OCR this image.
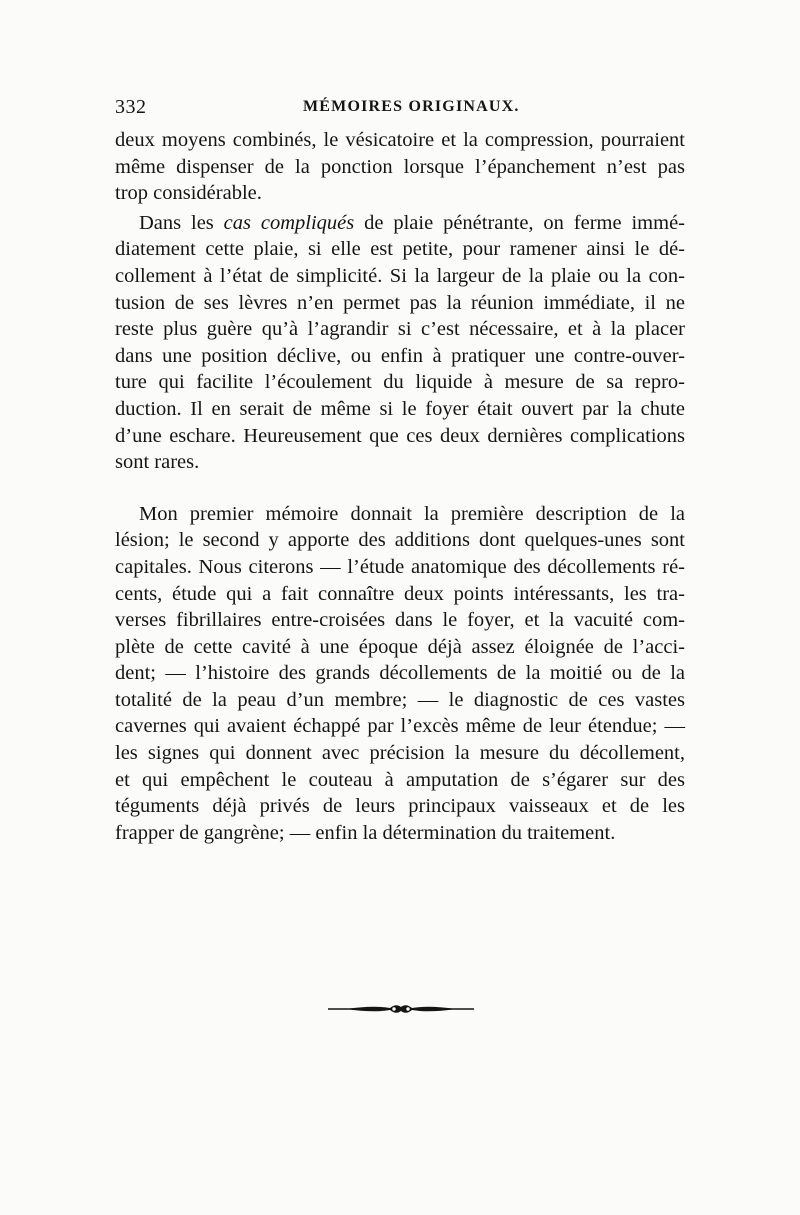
332	MÉMOIRES ORIGINAUX.

deux moyens combinés, le vésicatoire et la compression, pourraient
même dispenser de la ponction lorsque l’épanchement n’est pas
trop considérable.

Dans les cas compliqués de plaie pénétrante, on ferme immé-
diatement cette plaie, si elle est petite, pour ramener ainsi le dé-
collement à l’état de simplicité. Si la largeur de la plaie ou la con-
tusion de ses lèvres n’en permet pas la réunion immédiate, il ne
reste plus guère qu’à l’agrandir si c’est nécessaire, et à la placer
dans une position déclive, ou enfin à pratiquer une contre-ouver-
ture qui facilite l’écoulement du liquide à mesure de sa repro-
duction. Il en serait de même si le foyer était ouvert par la chute
d’une eschare. Heureusement que ces deux dernières complications
sont rares.

Mon premier mémoire donnait la première description de la
lésion; le second y apporte des additions dont quelques-unes sont
capitales. Nous citerons — l’étude anatomique des décollements ré-
cents, étude qui a fait connaître deux points intéressants, les tra-
verses fibrillaires entre-croisées dans le foyer, et la vacuité com-
plète de cette cavité à une époque déjà assez éloignée de l’acci-
dent; — l’histoire des grands décollements de la moitié ou de la
totalité de la peau d’un membre; — le diagnostic de ces vastes
cavernes qui avaient échappé par l’excès même de leur étendue; —
les signes qui donnent avec précision la mesure du décollement,
et qui empêchent le couteau à amputation de s’égarer sur des
téguments déjà privés de leurs principaux vaisseaux et de les
frapper de gangrène; — enfin la détermination du traitement.
